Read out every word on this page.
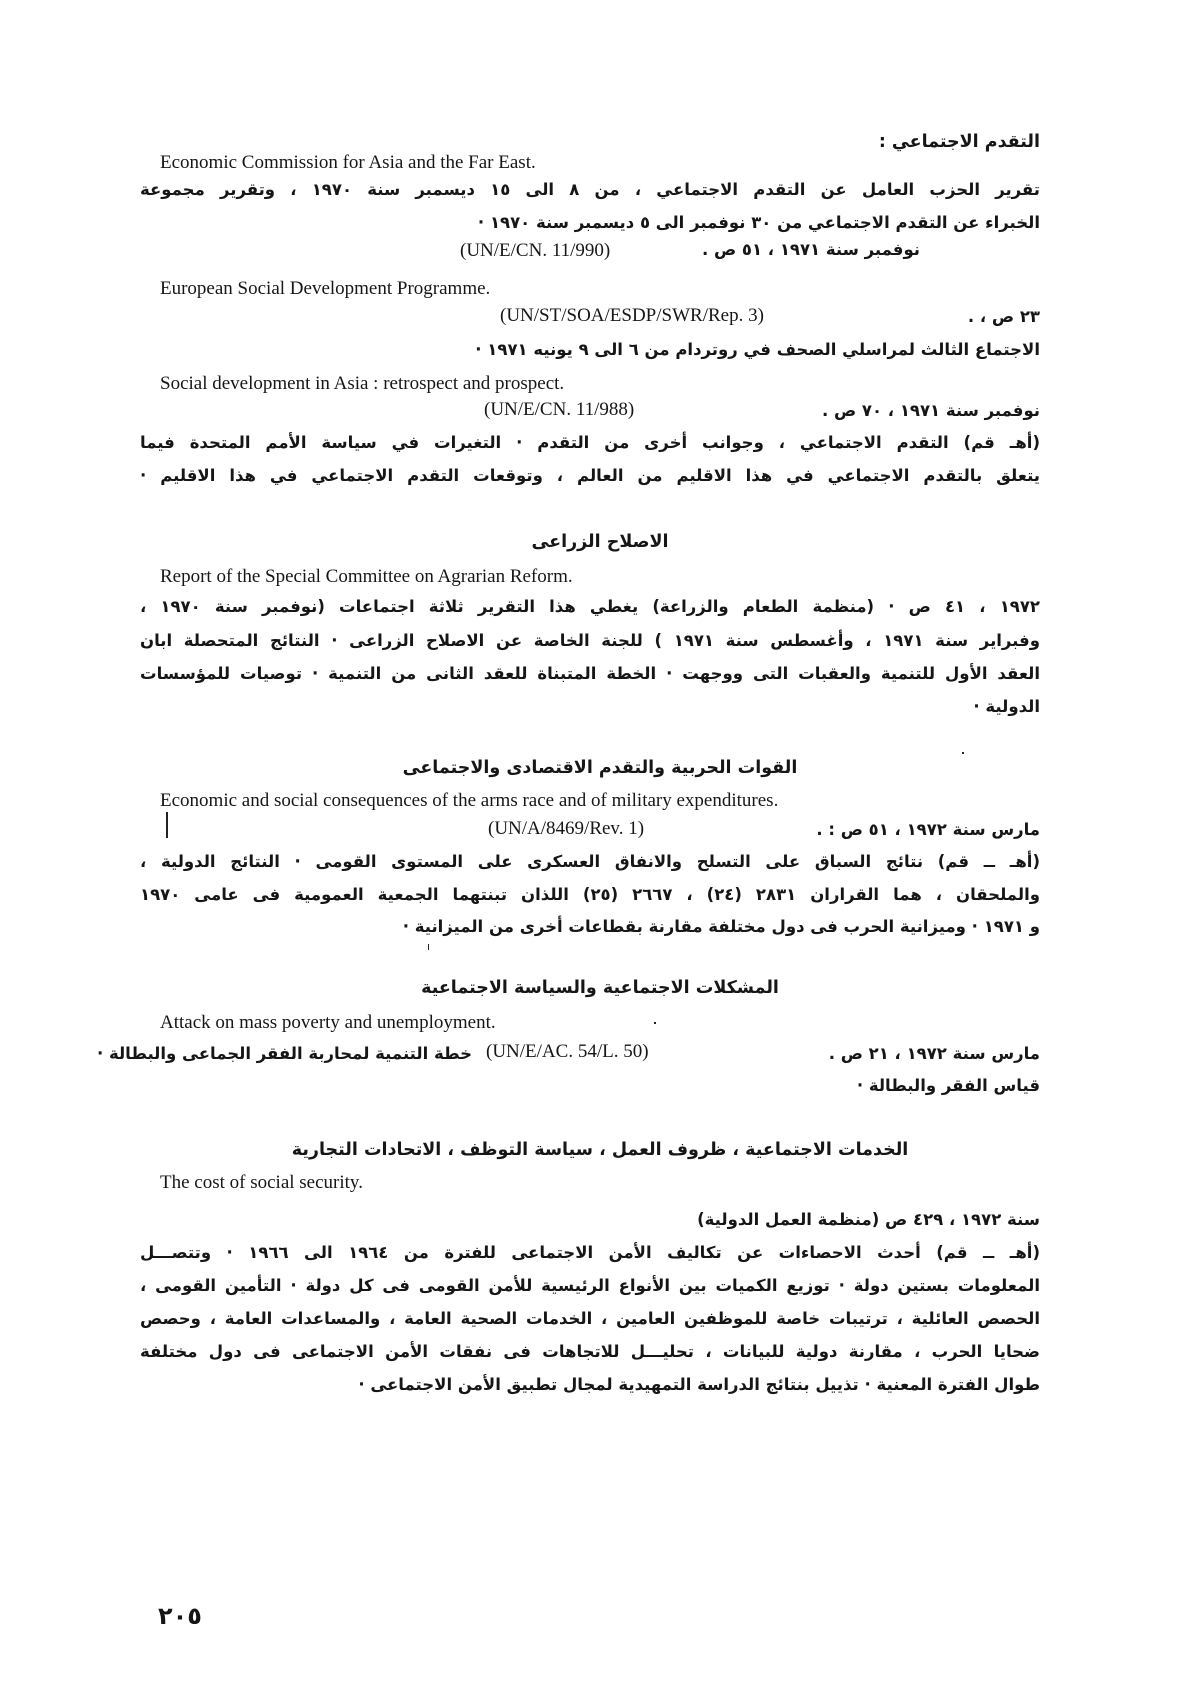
التقدم الاجتماعي :
Economic Commission for Asia and the Far East.
تقرير الحزب العامل عن التقدم الاجتماعي ، من ٨ الى ١٥ ديسمبر سنة ١٩٧٠ ، وتقرير مجموعة
الخبراء عن التقدم الاجتماعي من ٣٠ نوفمبر الى ٥ ديسمبر سنة ١٩٧٠ ·
نوفمبر سنة ١٩٧١ ، ٥١ ص .
(UN/E/CN. 11/990)
European Social Development Programme.
٢٣ ص ، .
(UN/ST/SOA/ESDP/SWR/Rep. 3)
الاجتماع الثالث لمراسلي الصحف في روتردام من ٦ الى ٩ يونيه ١٩٧١ ·
Social development in Asia : retrospect and prospect.
نوفمبر سنة ١٩٧١ ، ٧٠ ص .
(UN/E/CN. 11/988)
(أهـ قم) التقدم الاجتماعي ، وجوانب أخرى من التقدم · التغيرات في سياسة الأمم المتحدة فيما
يتعلق بالتقدم الاجتماعي في هذا الاقليم من العالم ، وتوقعات التقدم الاجتماعي في هذا الاقليم ·
الاصلاح الزراعى
Report of the Special Committee on Agrarian Reform.
١٩٧٢ ، ٤١ ص · (منظمة الطعام والزراعة) يغطي هذا التقرير ثلاثة اجتماعات (نوفمبر سنة ١٩٧٠ ،
وفبراير سنة ١٩٧١ ، وأغسطس سنة ١٩٧١ ) للجنة الخاصة عن الاصلاح الزراعى · النتائج المتحصلة ابان
العقد الأول للتنمية والعقبات التى ووجهت · الخطة المتبناة للعقد الثانى من التنمية · توصيات للمؤسسات
الدولية ·
القوات الحربية والتقدم الاقتصادى والاجتماعى
Economic and social consequences of the arms race and of military expenditures.
مارس سنة ١٩٧٢ ، ٥١ ص : .
(UN/A/8469/Rev. 1)
(أهـ ــ قم) نتائج السباق على التسلح والانفاق العسكرى على المستوى القومى · النتائج الدولية ،
والملحقان ، هما القراران ٢٨٣١ (٢٤) ، ٢٦٦٧ (٢٥) اللذان تبنتهما الجمعية العمومية فى عامى ١٩٧٠
و ١٩٧١ · وميزانية الحرب فى دول مختلفة مقارنة بقطاعات أخرى من الميزانية ·
المشكلات الاجتماعية والسياسة الاجتماعية
Attack on mass poverty and unemployment.
مارس سنة ١٩٧٢ ، ٢١ ص .
(UN/E/AC. 54/L. 50)
خطة التنمية لمحاربة الفقر الجماعى والبطالة ·
قياس الفقر والبطالة ·
الخدمات الاجتماعية ، ظروف العمل ، سياسة التوظف ، الاتحادات التجارية
The cost of social security.
سنة ١٩٧٢ ، ٤٢٩ ص (منظمة العمل الدولية)
(أهـ ــ قم) أحدث الاحصاءات عن تكاليف الأمن الاجتماعى للفترة من ١٩٦٤ الى ١٩٦٦ · وتتصـــل
المعلومات بستين دولة · توزيع الكميات بين الأنواع الرئيسية للأمن القومى فى كل دولة · التأمين القومى ،
الحصص العائلية ، ترتيبات خاصة للموظفين العامين ، الخدمات الصحية العامة ، والمساعدات العامة ، وحصص
ضحايا الحرب ، مقارنة دولية للبيانات ، تحليـــل للاتجاهات فى نفقات الأمن الاجتماعى فى دول مختلفة
طوال الفترة المعنية · تذييل بنتائج الدراسة التمهيدية لمجال تطبيق الأمن الاجتماعى ·
٢٠٥
